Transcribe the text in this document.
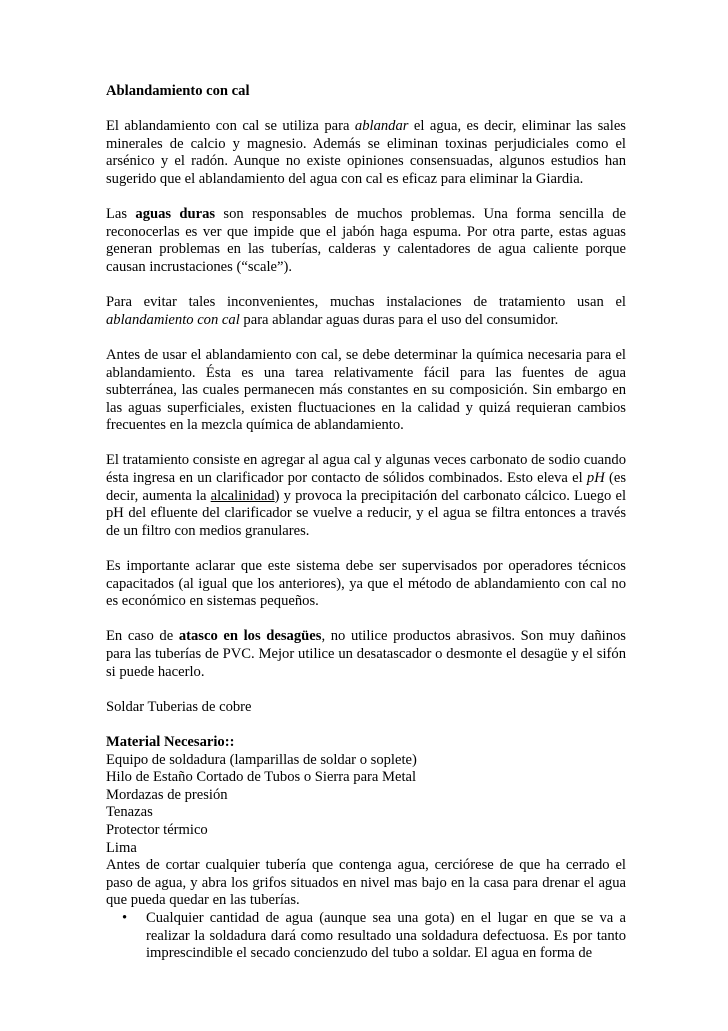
Ablandamiento con cal

El ablandamiento con cal se utiliza para ablandar el agua, es decir, eliminar las sales minerales de calcio y magnesio. Además se eliminan toxinas perjudiciales como el arsénico y el radón. Aunque no existe opiniones consensuadas, algunos estudios han sugerido que el ablandamiento del agua con cal es eficaz para eliminar la Giardia.

Las aguas duras son responsables de muchos problemas. Una forma sencilla de reconocerlas es ver que impide que el jabón haga espuma. Por otra parte, estas aguas generan problemas en las tuberías, calderas y calentadores de agua caliente porque causan incrustaciones (“scale”).

Para evitar tales inconvenientes, muchas instalaciones de tratamiento usan el ablandamiento con cal para ablandar aguas duras para el uso del consumidor.

Antes de usar el ablandamiento con cal, se debe determinar la química necesaria para el ablandamiento. Ésta es una tarea relativamente fácil para las fuentes de agua subterránea, las cuales permanecen más constantes en su composición. Sin embargo en las aguas superficiales, existen fluctuaciones en la calidad y quizá requieran cambios frecuentes en la mezcla química de ablandamiento.

El tratamiento consiste en agregar al agua cal y algunas veces carbonato de sodio cuando ésta ingresa en un clarificador por contacto de sólidos combinados. Esto eleva el pH (es decir, aumenta la alcalinidad) y provoca la precipitación del carbonato cálcico. Luego el pH del efluente del clarificador se vuelve a reducir, y el agua se filtra entonces a través de un filtro con medios granulares.

Es importante aclarar que este sistema debe ser supervisados por operadores técnicos capacitados (al igual que los anteriores), ya que el método de ablandamiento con cal no es económico en sistemas pequeños.

En caso de atasco en los desagües, no utilice productos abrasivos. Son muy dañinos para las tuberías de PVC. Mejor utilice un desatascador o desmonte el desagüe y el sifón si puede hacerlo.

Soldar Tuberias de cobre
Material Necesario::
Equipo de soldadura (lamparillas de soldar o soplete)
Hilo de Estaño Cortado de Tubos o Sierra para Metal
Mordazas de presión
Tenazas
Protector térmico
Lima
Antes de cortar cualquier tubería que contenga agua, cerciórese de que ha cerrado el paso de agua, y abra los grifos situados en nivel mas bajo en la casa para drenar el agua que pueda quedar en las tuberías.
• Cualquier cantidad de agua (aunque sea una gota) en el lugar en que se va a realizar la soldadura dará como resultado una soldadura defectuosa. Es por tanto imprescindible el secado concienzudo del tubo a soldar. El agua en forma de
